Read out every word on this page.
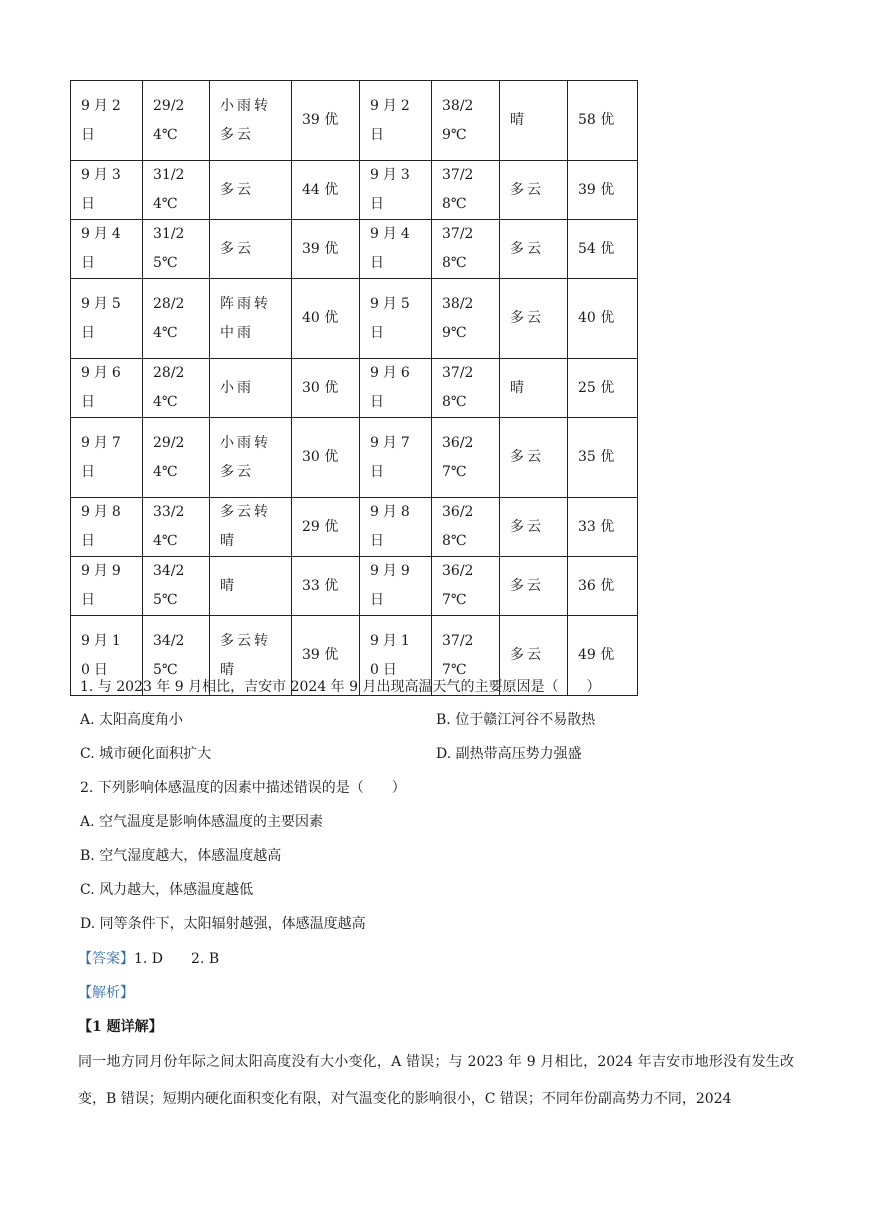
9月2日	29/24℃	小雨转多云	39 优	9月2日	38/29℃	晴	58 优
9月3日	31/24℃	多云	44 优	9月3日	37/28℃	多云	39 优
9月4日	31/25℃	多云	39 优	9月4日	37/28℃	多云	54 优
9月5日	28/24℃	阵雨转中雨	40 优	9月5日	38/29℃	多云	40 优
9月6日	28/24℃	小雨	30 优	9月6日	37/28℃	晴	25 优
9月7日	29/24℃	小雨转多云	30 优	9月7日	36/27℃	多云	35 优
9月8日	33/24℃	多云转晴	29 优	9月8日	36/28℃	多云	33 优
9月9日	34/25℃	晴	33 优	9月9日	36/27℃	多云	36 优
9月10日	34/25℃	多云转晴	39 优	9月10日	37/27℃	多云	49 优
1. 与 2023 年 9 月相比，吉安市 2024 年 9 月出现高温天气的主要原因是（　　）
A. 太阳高度角小	B. 位于赣江河谷不易散热
C. 城市硬化面积扩大	D. 副热带高压势力强盛
2. 下列影响体感温度的因素中描述错误的是（　　）
A. 空气温度是影响体感温度的主要因素
B. 空气湿度越大，体感温度越高
C. 风力越大，体感温度越低
D. 同等条件下，太阳辐射越强，体感温度越高
【答案】1. D　　2. B
【解析】
【1 题详解】
同一地方同月份年际之间太阳高度没有大小变化，A 错误；与 2023 年 9 月相比，2024 年吉安市地形没有发生改变，B 错误；短期内硬化面积变化有限，对气温变化的影响很小，C 错误；不同年份副高势力不同，2024
